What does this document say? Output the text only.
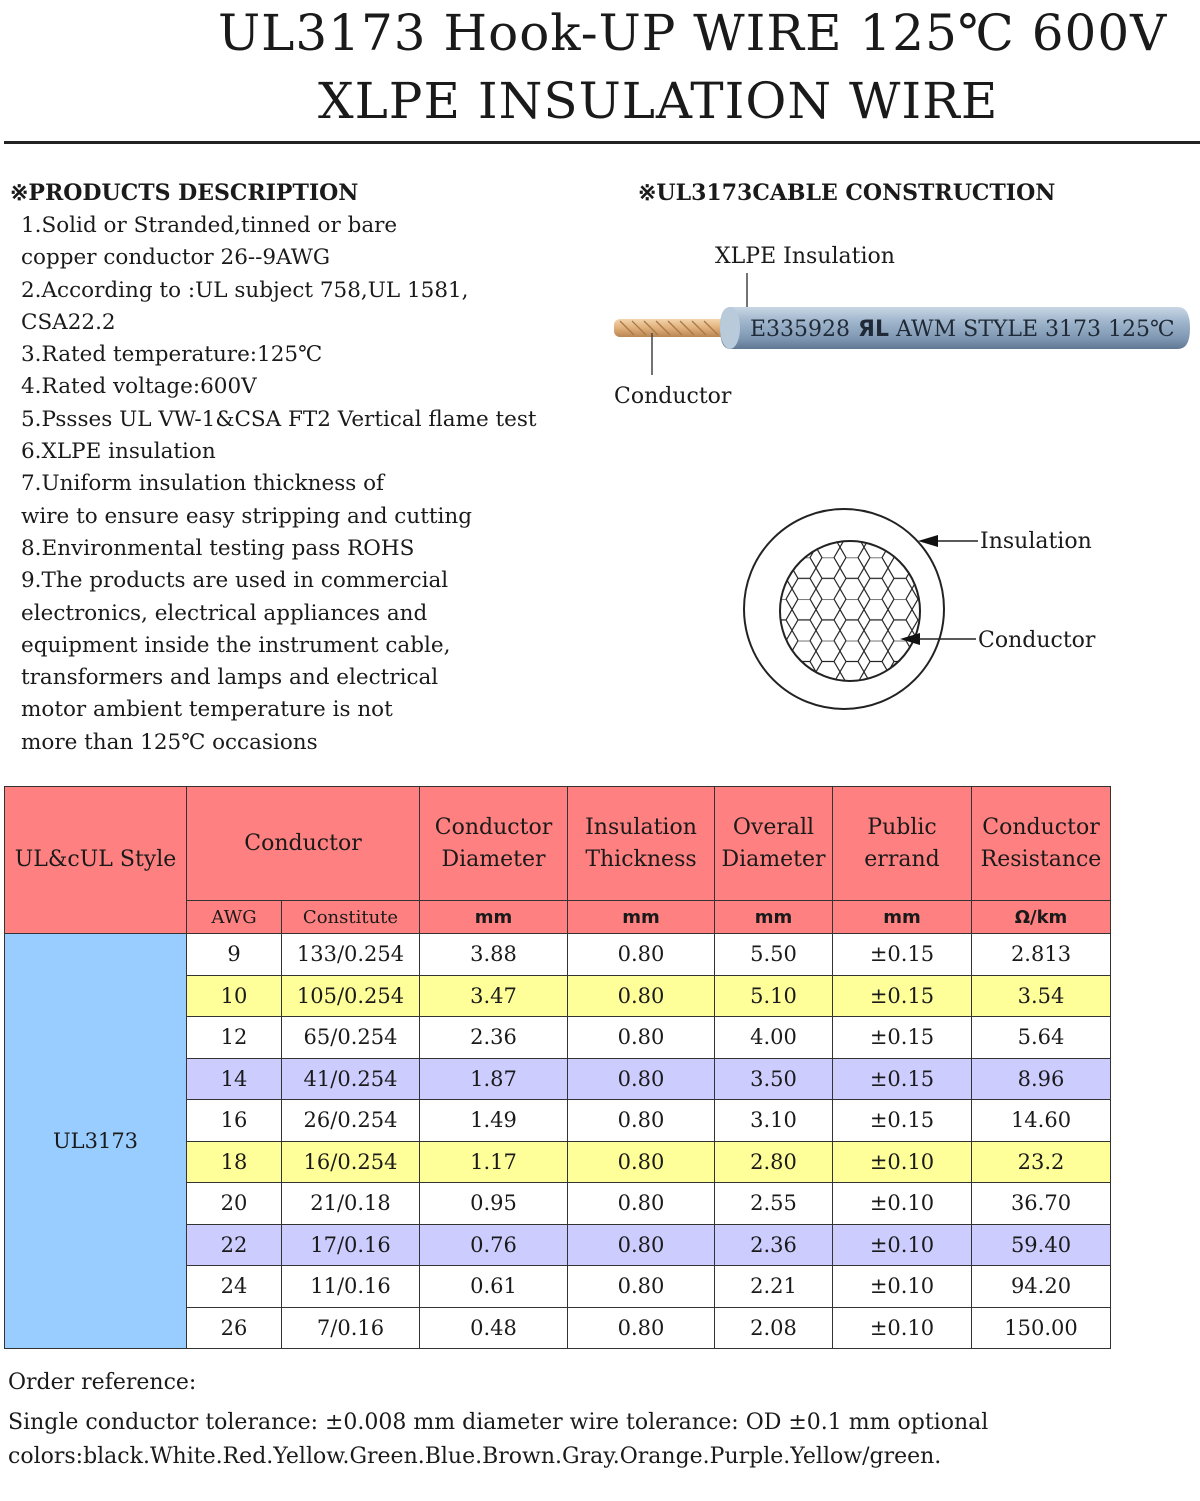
UL3173 Hook-UP WIRE 125℃ 600V
XLPE INSULATION WIRE
※PRODUCTS DESCRIPTION
1.Solid or Stranded,tinned or bare
copper conductor 26--9AWG
2.According to :UL subject 758,UL 1581,
CSA22.2
3.Rated temperature:125℃
4.Rated voltage:600V
5.Pssses UL VW-1&CSA FT2 Vertical flame test
6.XLPE insulation
7.Uniform insulation thickness of
wire to ensure easy stripping and cutting
8.Environmental testing pass ROHS
9.The products are used in commercial
electronics, electrical appliances and
equipment inside the instrument cable,
transformers and lamps and electrical
motor ambient temperature is not
more than 125℃ occasions
※UL3173CABLE CONSTRUCTION
XLPE Insulation
Conductor
E335928 ЯL AWM STYLE 3173 125℃
Insulation
Conductor
UL&cUL Style	Conductor		Conductor Diameter	Insulation Thickness	Overall Diameter	Public errand	Conductor Resistance
	AWG	Constitute	mm	mm	mm	mm	Ω/km
UL3173	9	133/0.254	3.88	0.80	5.50	±0.15	2.813
	10	105/0.254	3.47	0.80	5.10	±0.15	3.54
	12	65/0.254	2.36	0.80	4.00	±0.15	5.64
	14	41/0.254	1.87	0.80	3.50	±0.15	8.96
	16	26/0.254	1.49	0.80	3.10	±0.15	14.60
	18	16/0.254	1.17	0.80	2.80	±0.10	23.2
	20	21/0.18	0.95	0.80	2.55	±0.10	36.70
	22	17/0.16	0.76	0.80	2.36	±0.10	59.40
	24	11/0.16	0.61	0.80	2.21	±0.10	94.20
	26	7/0.16	0.48	0.80	2.08	±0.10	150.00
Order reference:
Single conductor tolerance: ±0.008 mm diameter wire tolerance: OD ±0.1 mm optional
colors:black.White.Red.Yellow.Green.Blue.Brown.Gray.Orange.Purple.Yellow/green.
